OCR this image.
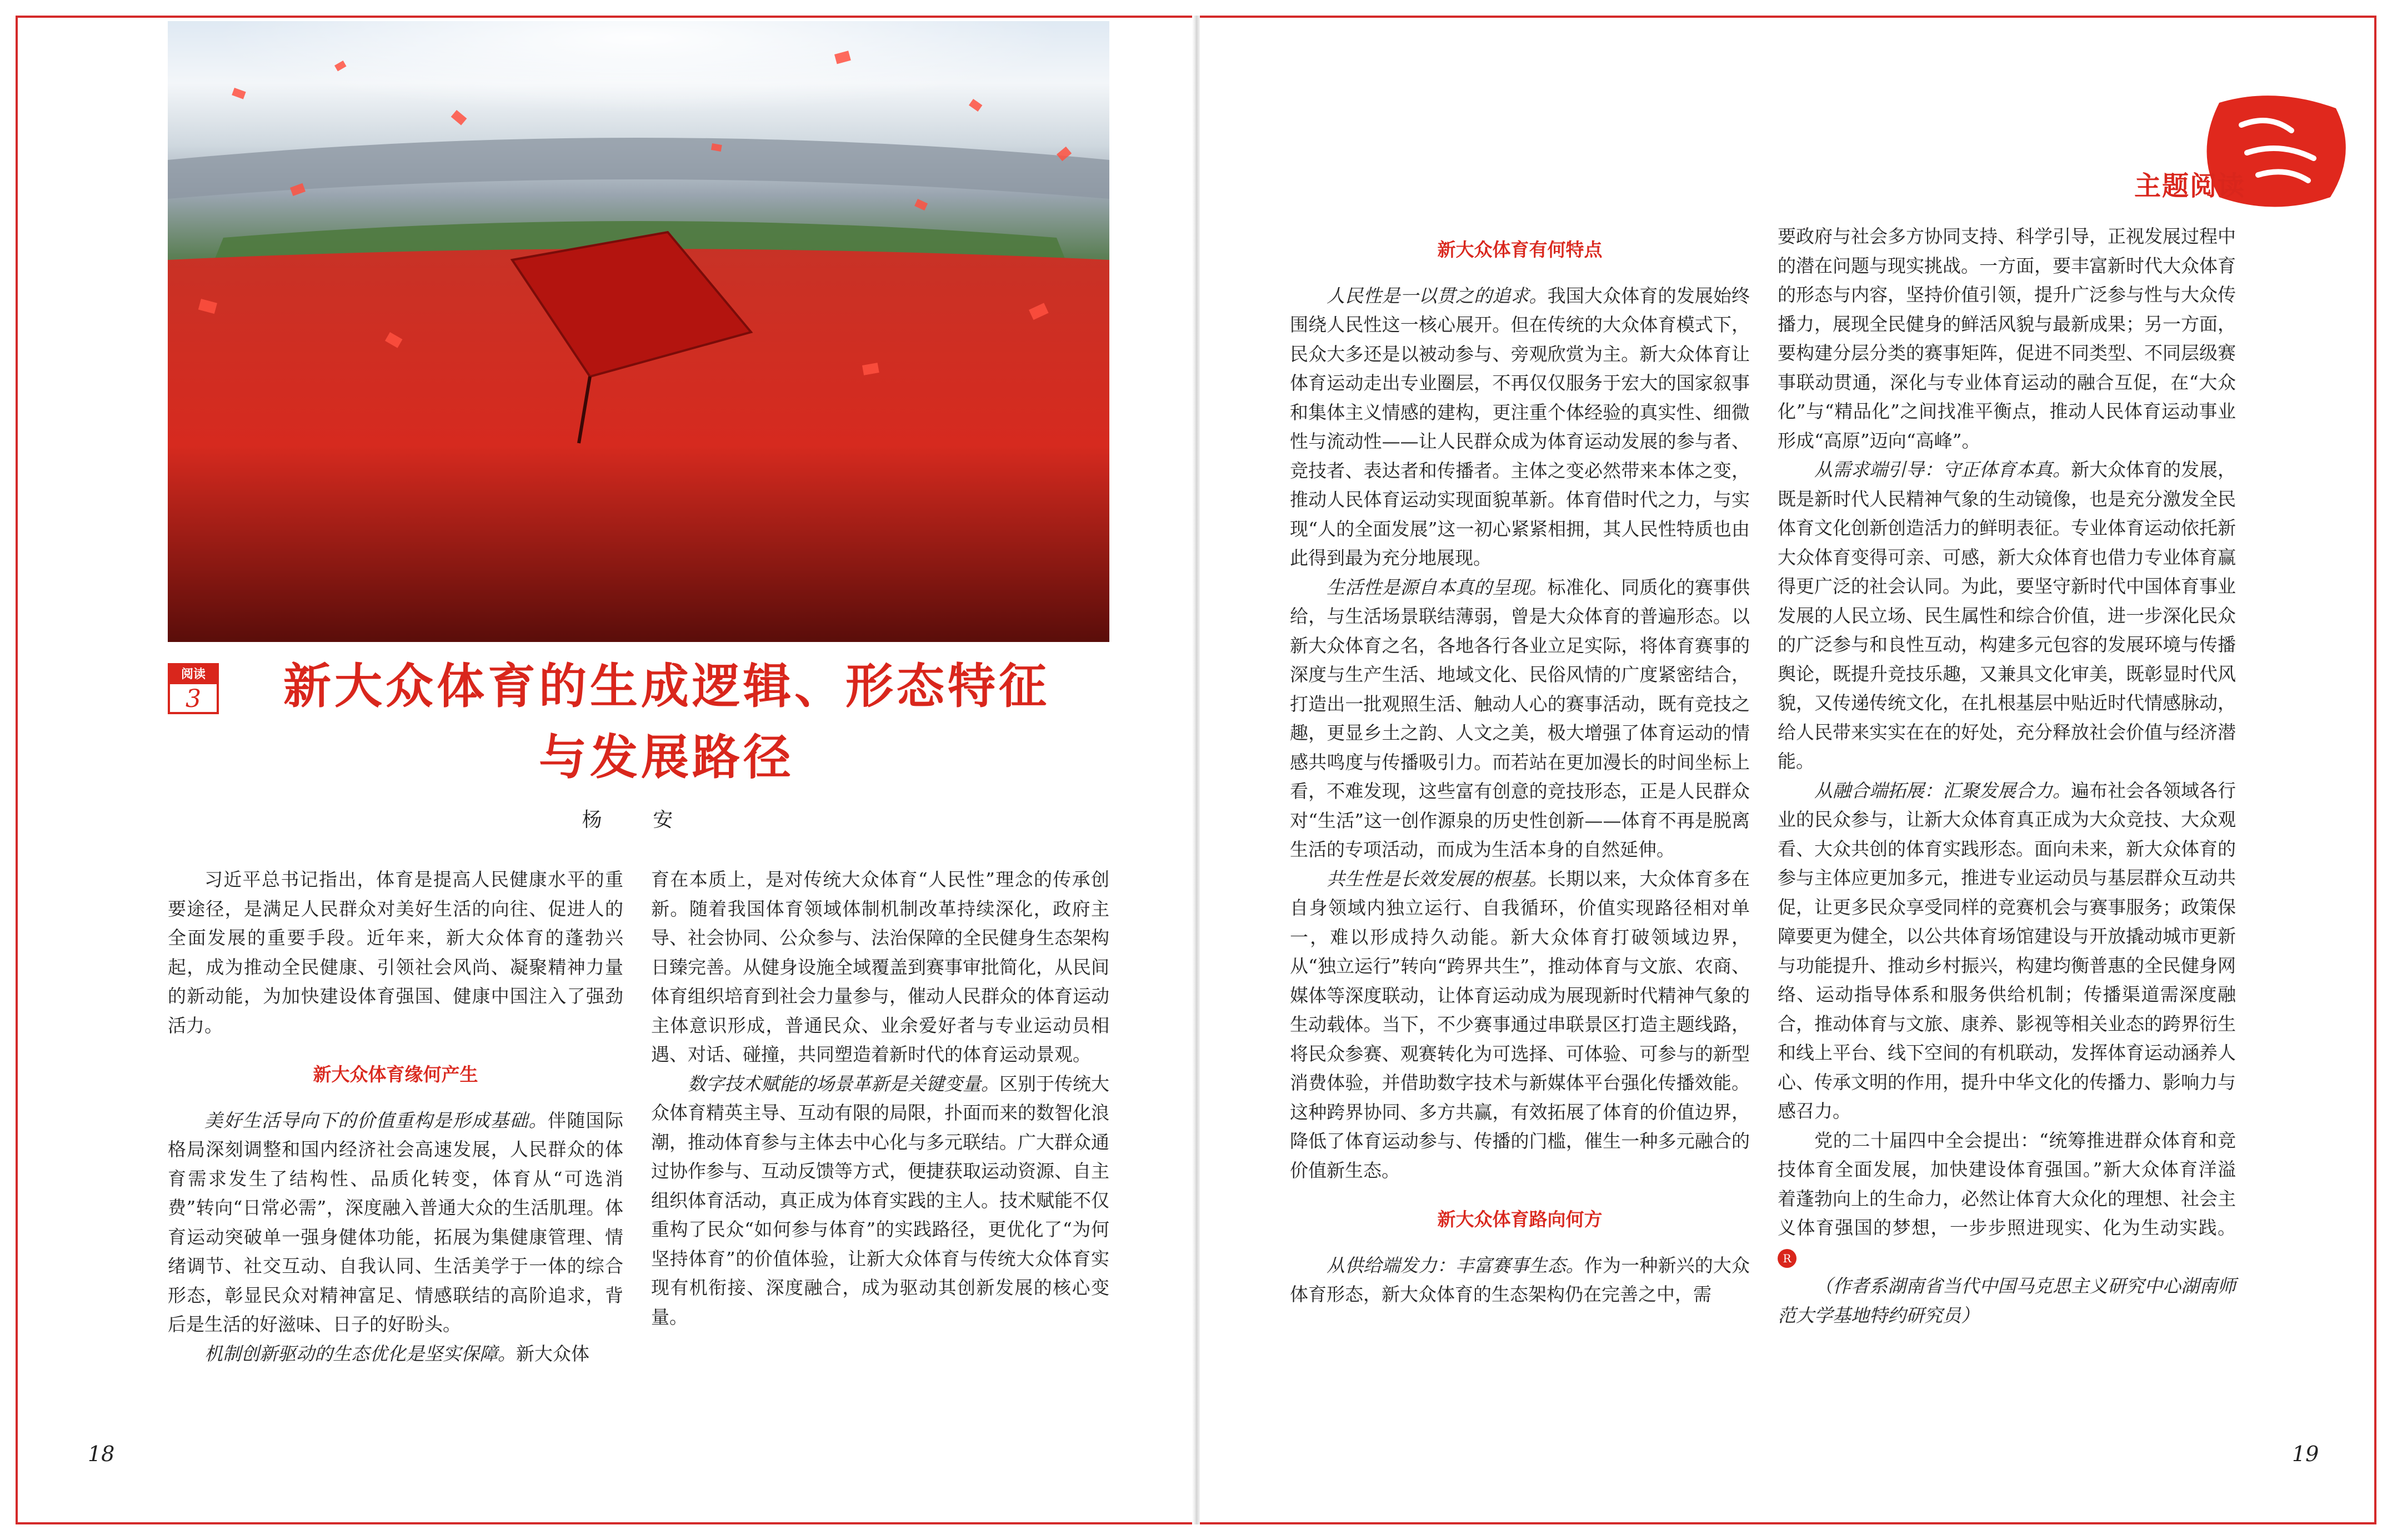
主题阅读
阅读
3	新大众体育的生成逻辑、形态特征
与发展路径
杨 安

习近平总书记指出，体育是提高人民健康水平的重要途径，是满足人民群众对美好生活的向往、促进人的全面发展的重要手段。近年来，新大众体育的蓬勃兴起，成为推动全民健康、引领社会风尚、凝聚精神力量的新动能，为加快建设体育强国、健康中国注入了强劲活力。

新大众体育缘何产生

美好生活导向下的价值重构是形成基础。伴随国际格局深刻调整和国内经济社会高速发展，人民群众的体育需求发生了结构性、品质化转变，体育从“可选消费”转向“日常必需”，深度融入普通大众的生活肌理。体育运动突破单一强身健体功能，拓展为集健康管理、情绪调节、社交互动、自我认同、生活美学于一体的综合形态，彰显民众对精神富足、情感联结的高阶追求，背后是生活的好滋味、日子的好盼头。

机制创新驱动的生态优化是坚实保障。新大众体

育在本质上，是对传统大众体育“人民性”理念的传承创新。随着我国体育领域体制机制改革持续深化，政府主导、社会协同、公众参与、法治保障的全民健身生态架构日臻完善。从健身设施全域覆盖到赛事审批简化，从民间体育组织培育到社会力量参与，催动人民群众的体育运动主体意识形成，普通民众、业余爱好者与专业运动员相遇、对话、碰撞，共同塑造着新时代的体育运动景观。

数字技术赋能的场景革新是关键变量。区别于传统大众体育精英主导、互动有限的局限，扑面而来的数智化浪潮，推动体育参与主体去中心化与多元联结。广大群众通过协作参与、互动反馈等方式，便捷获取运动资源、自主组织体育活动，真正成为体育实践的主人。技术赋能不仅重构了民众“如何参与体育”的实践路径，更优化了“为何坚持体育”的价值体验，让新大众体育与传统大众体育实现有机衔接、深度融合，成为驱动其创新发展的核心变量。

新大众体育有何特点

人民性是一以贯之的追求。我国大众体育的发展始终围绕人民性这一核心展开。但在传统的大众体育模式下，民众大多还是以被动参与、旁观欣赏为主。新大众体育让体育运动走出专业圈层，不再仅仅服务于宏大的国家叙事和集体主义情感的建构，更注重个体经验的真实性、细微性与流动性——让人民群众成为体育运动发展的参与者、竞技者、表达者和传播者。主体之变必然带来本体之变，推动人民体育运动实现面貌革新。体育借时代之力，与实现“人的全面发展”这一初心紧紧相拥，其人民性特质也由此得到最为充分地展现。

生活性是源自本真的呈现。标准化、同质化的赛事供给，与生活场景联结薄弱，曾是大众体育的普遍形态。以新大众体育之名，各地各行各业立足实际，将体育赛事的深度与生产生活、地域文化、民俗风情的广度紧密结合，打造出一批观照生活、触动人心的赛事活动，既有竞技之趣，更显乡土之韵、人文之美，极大增强了体育运动的情感共鸣度与传播吸引力。而若站在更加漫长的时间坐标上看，不难发现，这些富有创意的竞技形态，正是人民群众对“生活”这一创作源泉的历史性创新——体育不再是脱离生活的专项活动，而成为生活本身的自然延伸。

共生性是长效发展的根基。长期以来，大众体育多在自身领域内独立运行、自我循环，价值实现路径相对单一，难以形成持久动能。新大众体育打破领域边界，从“独立运行”转向“跨界共生”，推动体育与文旅、农商、媒体等深度联动，让体育运动成为展现新时代精神气象的生动载体。当下，不少赛事通过串联景区打造主题线路，将民众参赛、观赛转化为可选择、可体验、可参与的新型消费体验，并借助数字技术与新媒体平台强化传播效能。这种跨界协同、多方共赢，有效拓展了体育的价值边界，降低了体育运动参与、传播的门槛，催生一种多元融合的价值新生态。

新大众体育路向何方

从供给端发力：丰富赛事生态。作为一种新兴的大众体育形态，新大众体育的生态架构仍在完善之中，需

要政府与社会多方协同支持、科学引导，正视发展过程中的潜在问题与现实挑战。一方面，要丰富新时代大众体育的形态与内容，坚持价值引领，提升广泛参与性与大众传播力，展现全民健身的鲜活风貌与最新成果；另一方面，要构建分层分类的赛事矩阵，促进不同类型、不同层级赛事联动贯通，深化与专业体育运动的融合互促，在“大众化”与“精品化”之间找准平衡点，推动人民体育运动事业形成“高原”迈向“高峰”。

从需求端引导：守正体育本真。新大众体育的发展，既是新时代人民精神气象的生动镜像，也是充分激发全民体育文化创新创造活力的鲜明表征。专业体育运动依托新大众体育变得可亲、可感，新大众体育也借力专业体育赢得更广泛的社会认同。为此，要坚守新时代中国体育事业发展的人民立场、民生属性和综合价值，进一步深化民众的广泛参与和良性互动，构建多元包容的发展环境与传播舆论，既提升竞技乐趣，又兼具文化审美，既彰显时代风貌，又传递传统文化，在扎根基层中贴近时代情感脉动，给人民带来实实在在的好处，充分释放社会价值与经济潜能。

从融合端拓展：汇聚发展合力。遍布社会各领域各行业的民众参与，让新大众体育真正成为大众竞技、大众观看、大众共创的体育实践形态。面向未来，新大众体育的参与主体应更加多元，推进专业运动员与基层群众互动共促，让更多民众享受同样的竞赛机会与赛事服务；政策保障要更为健全，以公共体育场馆建设与开放撬动城市更新与功能提升、推动乡村振兴，构建均衡普惠的全民健身网络、运动指导体系和服务供给机制；传播渠道需深度融合，推动体育与文旅、康养、影视等相关业态的跨界衍生和线上平台、线下空间的有机联动，发挥体育运动涵养人心、传承文明的作用，提升中华文化的传播力、影响力与感召力。

党的二十届四中全会提出：“统筹推进群众体育和竞技体育全面发展，加快建设体育强国。”新大众体育洋溢着蓬勃向上的生命力，必然让体育大众化的理想、社会主义体育强国的梦想，一步步照进现实、化为生动实践。 R

（作者系湖南省当代中国马克思主义研究中心湖南师范大学基地特约研究员）

18	19
